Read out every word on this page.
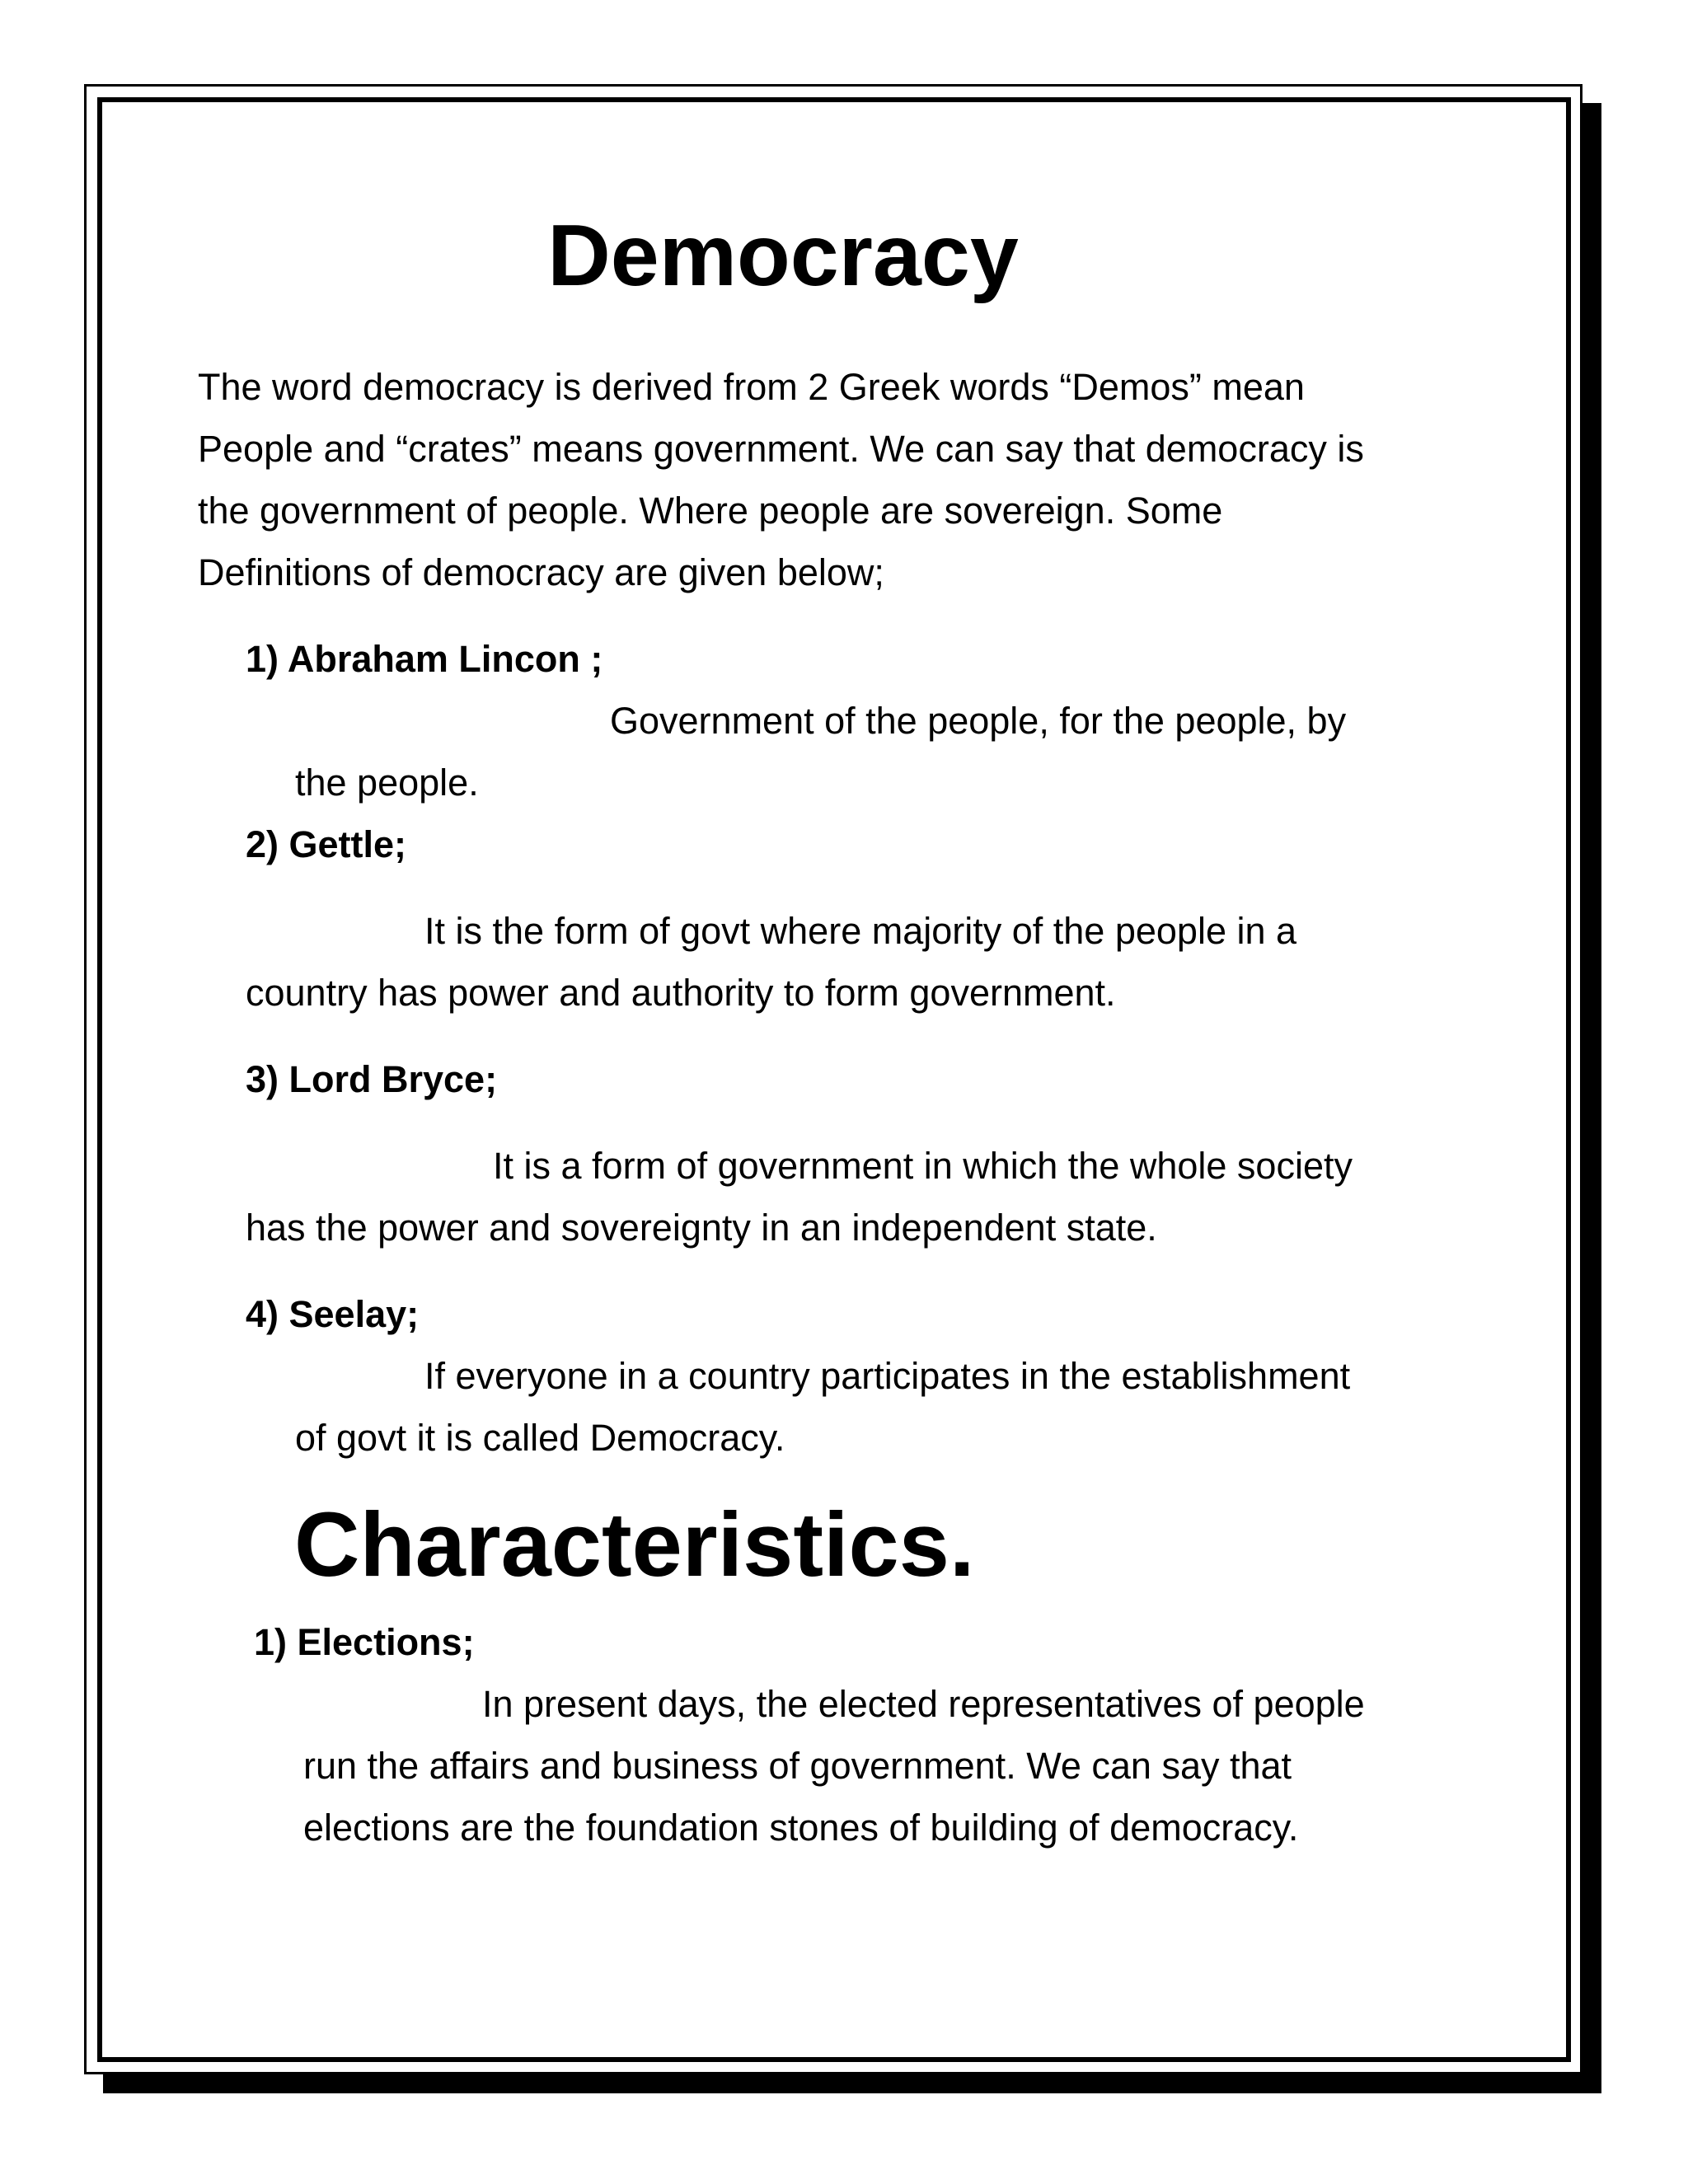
Democracy

The word democracy is derived from 2 Greek words “Demos” mean

People and “crates” means government. We can say that democracy is

the government of people. Where people are sovereign. Some

Definitions of democracy are given below;

1) Abraham Lincon ;

Government of the people, for the people, by

the people.

2) Gettle;

It is the form of govt where majority of the people in a

country has power and authority to form government.

3) Lord Bryce;

It is a form of government in which the whole society

has the power and sovereignty in an independent state.

4) Seelay;

If everyone in a country participates in the establishment

of govt it is called Democracy.

Characteristics.

1) Elections;

In present days, the elected representatives of people

run the affairs and business of government. We can say that

elections are the foundation stones of building of democracy.
